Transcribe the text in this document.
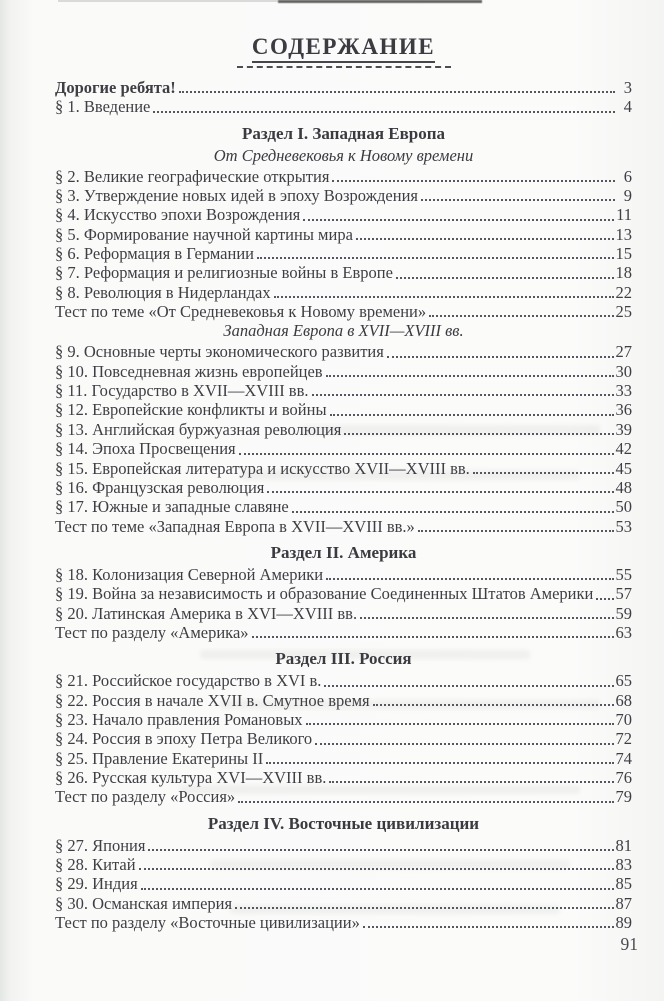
СОДЕРЖАНИЕ
Дорогие ребята!	3
§ 1. Введение	4
Раздел I. Западная Европа
От Средневековья к Новому времени
§ 2. Великие географические открытия	6
§ 3. Утверждение новых идей в эпоху Возрождения	9
§ 4. Искусство эпохи Возрождения	11
§ 5. Формирование научной картины мира	13
§ 6. Реформация в Германии	15
§ 7. Реформация и религиозные войны в Европе	18
§ 8. Революция в Нидерландах	22
Тест по теме «От Средневековья к Новому времени»	25
Западная Европа в XVII—XVIII вв.
§ 9. Основные черты экономического развития	27
§ 10. Повседневная жизнь европейцев	30
§ 11. Государство в XVII—XVIII вв.	33
§ 12. Европейские конфликты и войны	36
§ 13. Английская буржуазная революция	39
§ 14. Эпоха Просвещения	42
§ 15. Европейская литература и искусство XVII—XVIII вв.	45
§ 16. Французская революция	48
§ 17. Южные и западные славяне	50
Тест по теме «Западная Европа в XVII—XVIII вв.»	53
Раздел II. Америка
§ 18. Колонизация Северной Америки	55
§ 19. Война за независимость и образование Соединенных Штатов Америки 57
§ 20. Латинская Америка в XVI—XVIII вв.	59
Тест по разделу «Америка»	63
Раздел III. Россия
§ 21. Российское государство в XVI в.	65
§ 22. Россия в начале XVII в. Смутное время	68
§ 23. Начало правления Романовых	70
§ 24. Россия в эпоху Петра Великого	72
§ 25. Правление Екатерины II	74
§ 26. Русская культура XVI—XVIII вв.	76
Тест по разделу «Россия»	79
Раздел IV. Восточные цивилизации
§ 27. Япония	81
§ 28. Китай	83
§ 29. Индия	85
§ 30. Османская империя	87
Тест по разделу «Восточные цивилизации»	89
91
